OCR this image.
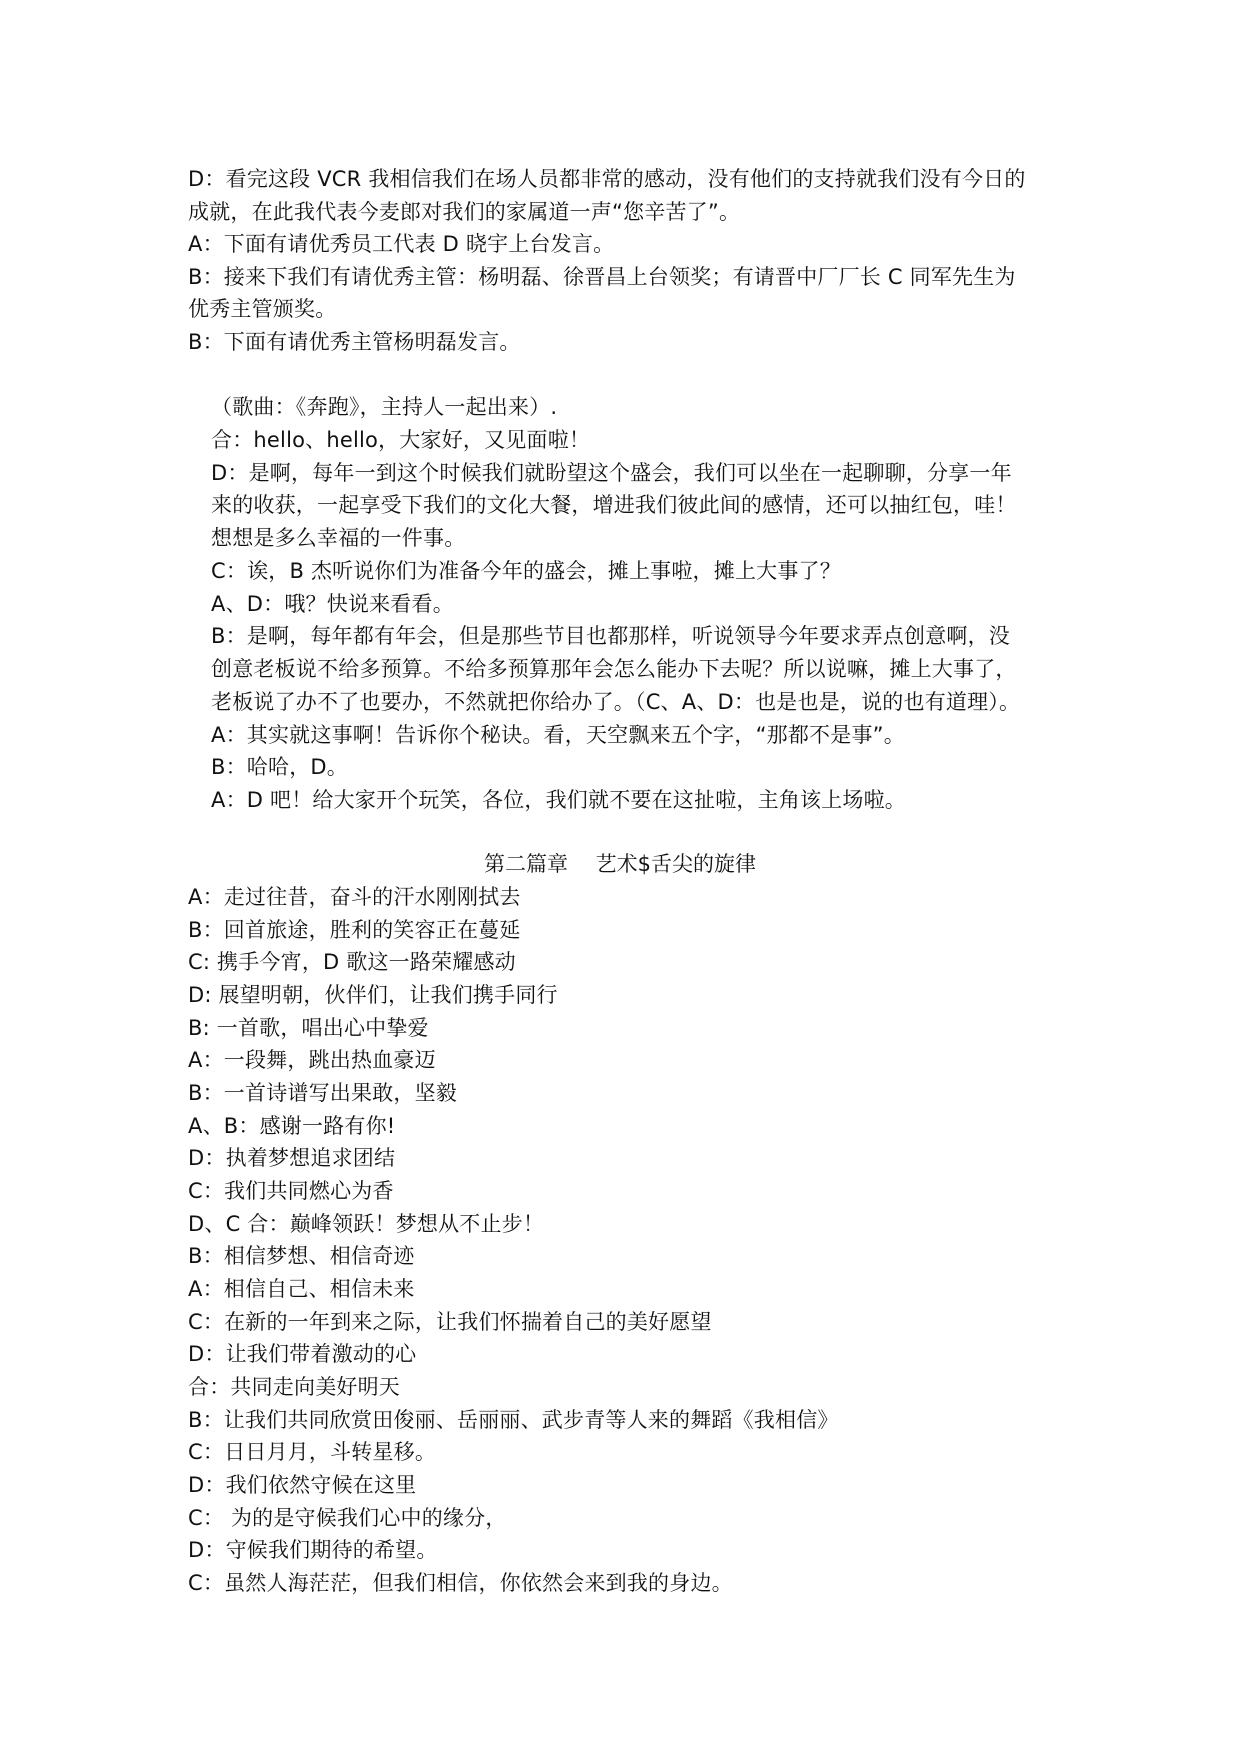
D：看完这段 VCR 我相信我们在场人员都非常的感动，没有他们的支持就我们没有今日的
成就，在此我代表今麦郎对我们的家属道一声“您辛苦了”。
A：下面有请优秀员工代表 D 晓宇上台发言。
B：接来下我们有请优秀主管：杨明磊、徐晋昌上台领奖；有请晋中厂厂长 C 同军先生为
优秀主管颁奖。
B：下面有请优秀主管杨明磊发言。
（歌曲：《奔跑》，主持人一起出来）.
合：hello、hello，大家好，又见面啦！
D：是啊，每年一到这个时候我们就盼望这个盛会，我们可以坐在一起聊聊，分享一年
来的收获，一起享受下我们的文化大餐，增进我们彼此间的感情，还可以抽红包，哇！
想想是多么幸福的一件事。
C：诶，B 杰听说你们为准备今年的盛会，摊上事啦，摊上大事了？
A、D：哦？快说来看看。
B：是啊，每年都有年会，但是那些节目也都那样，听说领导今年要求弄点创意啊，没
创意老板说不给多预算。不给多预算那年会怎么能办下去呢？所以说嘛，摊上大事了，
老板说了办不了也要办，不然就把你给办了。（C、A、D：也是也是，说的也有道理）。
A：其实就这事啊！告诉你个秘诀。看，天空飘来五个字，“那都不是事”。
B：哈哈，D。
A：D 吧！给大家开个玩笑，各位，我们就不要在这扯啦，主角该上场啦。
第二篇章　 艺术$舌尖的旋律
A：走过往昔，奋斗的汗水刚刚拭去
B：回首旅途，胜利的笑容正在蔓延
C: 携手今宵，D 歌这一路荣耀感动
D: 展望明朝，伙伴们，让我们携手同行
B: 一首歌，唱出心中挚爱
A：一段舞，跳出热血豪迈
B：一首诗谱写出果敢，坚毅
A、B：感谢一路有你!
D：执着梦想追求团结
C：我们共同燃心为香
D、C 合：巅峰领跃！梦想从不止步！
B：相信梦想、相信奇迹
A：相信自己、相信未来
C：在新的一年到来之际，让我们怀揣着自己的美好愿望
D：让我们带着激动的心
合：共同走向美好明天
B：让我们共同欣赏田俊丽、岳丽丽、武步青等人来的舞蹈《我相信》
C：日日月月，斗转星移。
D：我们依然守候在这里
C： 为的是守候我们心中的缘分，
D：守候我们期待的希望。
C：虽然人海茫茫，但我们相信，你依然会来到我的身边。
